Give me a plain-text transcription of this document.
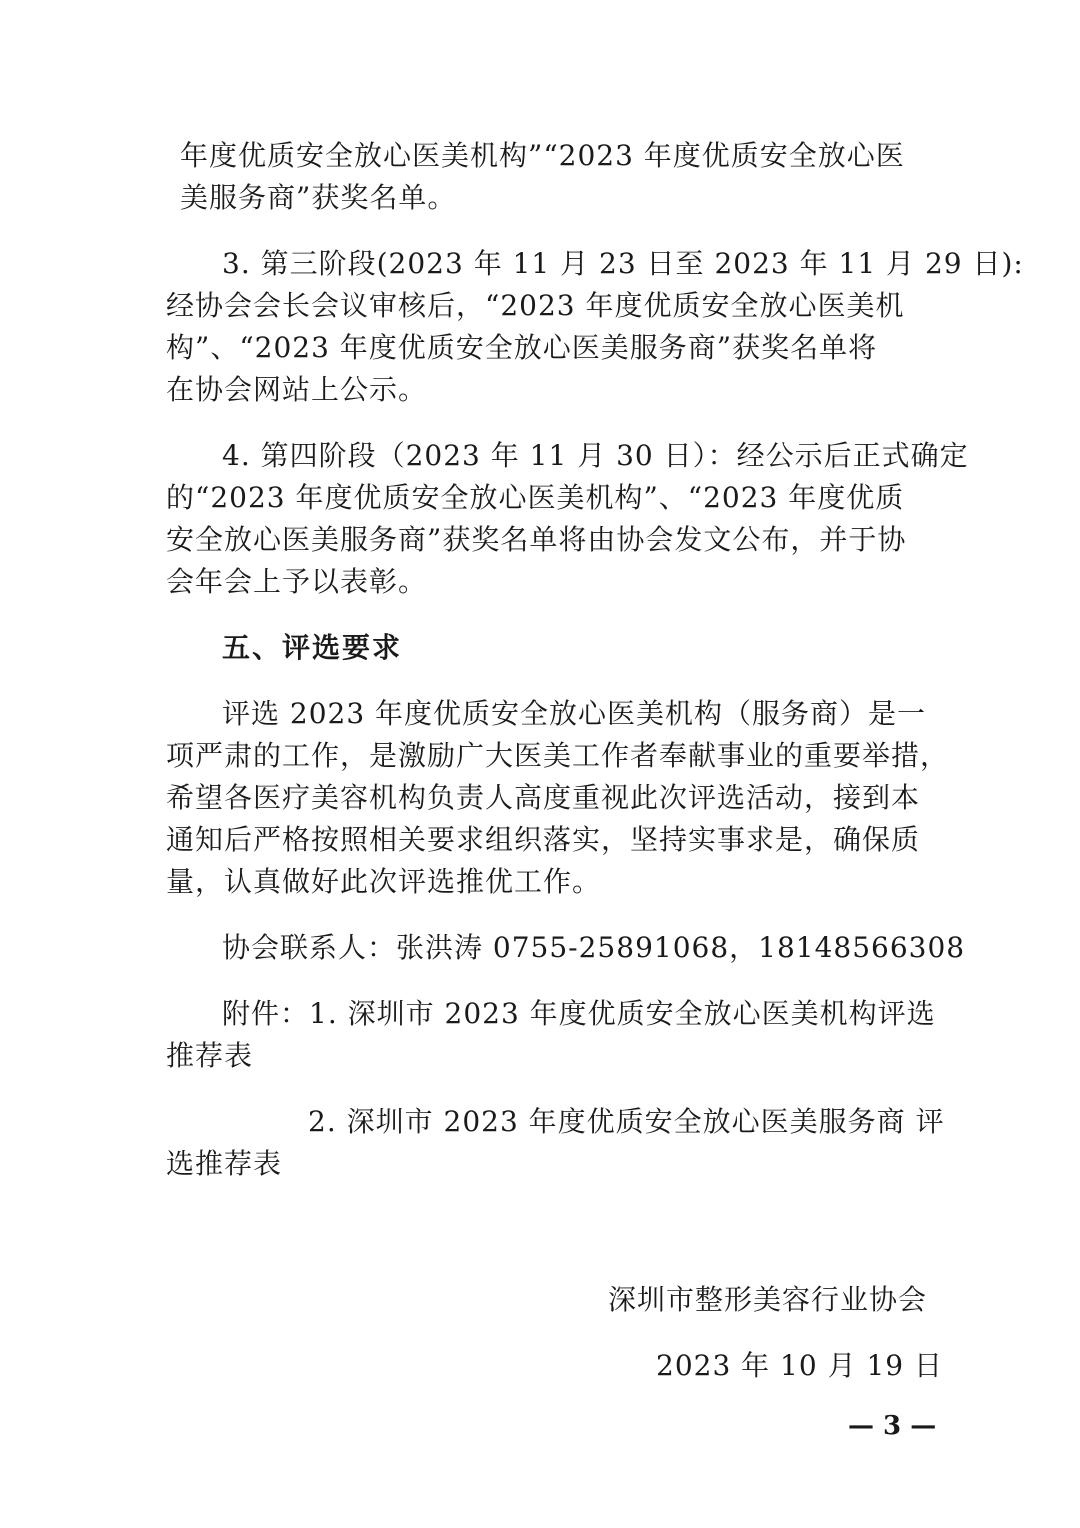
年度优质安全放心医美机构”“2023 年度优质安全放心医
美服务商”获奖名单。
3. 第三阶段(2023 年 11 月 23 日至 2023 年 11 月 29 日):
经协会会长会议审核后，“2023 年度优质安全放心医美机
构”、“2023 年度优质安全放心医美服务商”获奖名单将
在协会网站上公示。
4. 第四阶段（2023 年 11 月 30 日）：经公示后正式确定
的“2023 年度优质安全放心医美机构”、“2023 年度优质
安全放心医美服务商”获奖名单将由协会发文公布，并于协
会年会上予以表彰。
五、评选要求
评选 2023 年度优质安全放心医美机构（服务商）是一
项严肃的工作，是激励广大医美工作者奉献事业的重要举措，
希望各医疗美容机构负责人高度重视此次评选活动，接到本
通知后严格按照相关要求组织落实，坚持实事求是，确保质
量，认真做好此次评选推优工作。
协会联系人：张洪涛 0755-25891068，18148566308
附件：1. 深圳市 2023 年度优质安全放心医美机构评选
推荐表
2. 深圳市 2023 年度优质安全放心医美服务商 评
选推荐表
深圳市整形美容行业协会
2023 年 10 月 19 日
— 3 —
